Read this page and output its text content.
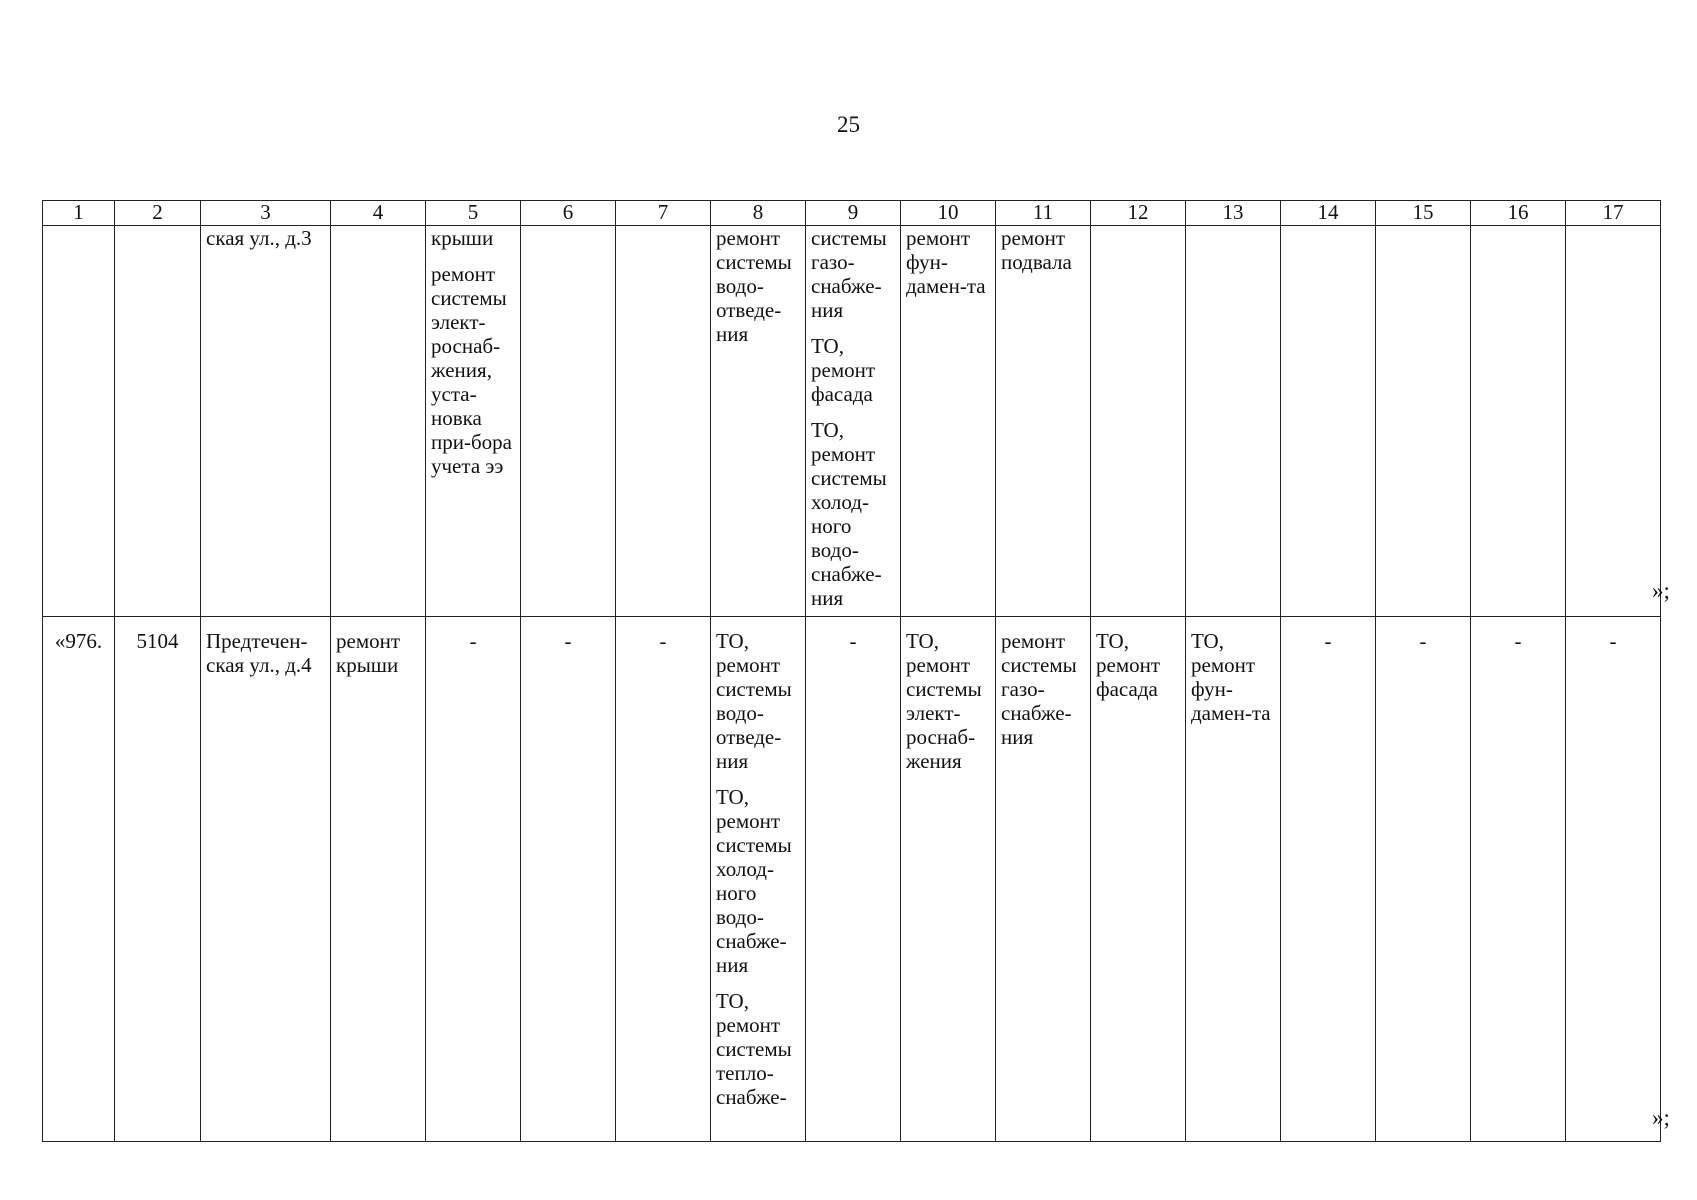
25
1	2	3	4	5	6	7	8	9	10	11	12	13	14	15	16	17

		ская ул., д.3		крыши
ремонт системы элект-роснаб-жения, уста-новка при-бора учета ээ			ремонт системы водо-отведе-ния	системы газо-снабже-ния
ТО, ремонт фасада
ТО, ремонт системы холод-ного водо-снабже-ния	ремонт фун-дамен-та	ремонт подвала						

«976.	5104	Предтечен-ская ул., д.4	ремонт крыши	-	-	-	ТО, ремонт системы водо-отведе-ния
ТО, ремонт системы холод-ного водо-снабже-ния
ТО, ремонт системы тепло-снабже-	-	ТО, ремонт системы элект-роснаб-жения	ремонт системы газо-снабже-ния	ТО, ремонт фасада	ТО, ремонт фун-дамен-та	-	-	-	-
»;
»;
